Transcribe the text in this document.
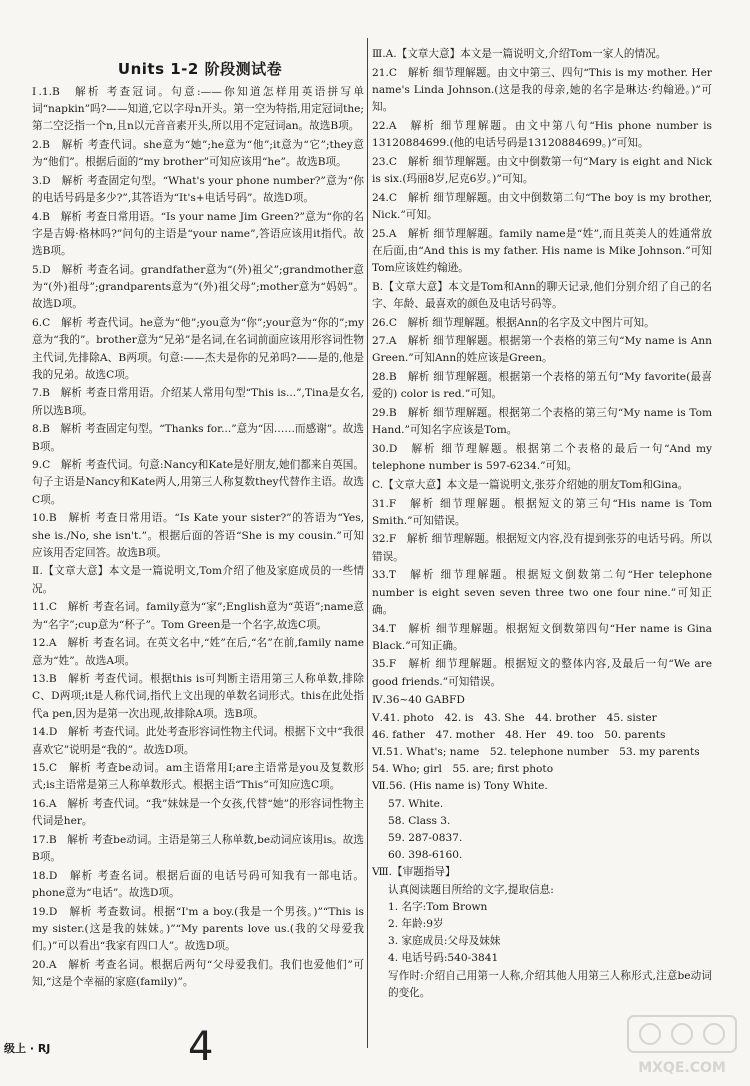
Units 1-2 阶段测试卷

Ⅰ.1.B　解析 考查冠词。句意:——你知道怎样用英语拼写单词“napkin”吗?——知道,它以字母n开头。第一空为特指,用定冠词the;第二空泛指一个n,且n以元音音素开头,所以用不定冠词an。故选B项。

2.B　解析 考查代词。she意为“她”;he意为“他”;it意为“它”;they意为“他们”。根据后面的“my brother”可知应该用“he”。故选B项。

3.D　解析 考查固定句型。“What's your phone number?”意为“你的电话号码是多少?”,其答语为“It's+电话号码”。故选D项。

4.B　解析 考查日常用语。“Is your name Jim Green?”意为“你的名字是吉姆·格林吗?”问句的主语是“your name”,答语应该用it指代。故选B项。

5.D　解析 考查名词。grandfather意为“(外)祖父”;grandmother意为“(外)祖母”;grandparents意为“(外)祖父母”;mother意为“妈妈”。故选D项。

6.C　解析 考查代词。he意为“他”;you意为“你”;your意为“你的”;my意为“我的”。brother意为“兄弟”是名词,在名词前面应该用形容词性物主代词,先排除A、B两项。句意:——杰夫是你的兄弟吗?——是的,他是我的兄弟。故选C项。

7.B　解析 考查日常用语。介绍某人常用句型“This is...”,Tina是女名,所以选B项。

8.B　解析 考查固定句型。“Thanks for...”意为“因……而感谢”。故选B项。

9.C　解析 考查代词。句意:Nancy和Kate是好朋友,她们都来自英国。句子主语是Nancy和Kate两人,用第三人称复数they代替作主语。故选C项。

10.B　解析 考查日常用语。“Is Kate your sister?”的答语为“Yes, she is./No, she isn't.”。根据后面的答语“She is my cousin.”可知应该用否定回答。故选B项。

Ⅱ.【文章大意】本文是一篇说明文,Tom介绍了他及家庭成员的一些情况。

11.C　解析 考查名词。family意为“家”;English意为“英语”;name意为“名字”;cup意为“杯子”。Tom Green是一个名字,故选C项。

12.A　解析 考查名词。在英文名中,“姓”在后,“名”在前,family name意为“姓”。故选A项。

13.B　解析 考查代词。根据this is可判断主语用第三人称单数,排除C、D两项;it是人称代词,指代上文出现的单数名词形式。this在此处指代a pen,因为是第一次出现,故排除A项。选B项。

14.D　解析 考查代词。此处考查形容词性物主代词。根据下文中“我很喜欢它”说明是“我的”。故选D项。

15.C　解析 考查be动词。am主语常用I;are主语常是you及复数形式;is主语常是第三人称单数形式。根据主语“This”可知应选C项。

16.A　解析 考查代词。“我”妹妹是一个女孩,代替“她”的形容词性物主代词是her。

17.B　解析 考查be动词。主语是第三人称单数,be动词应该用is。故选B项。

18.D　解析 考查名词。根据后面的电话号码可知我有一部电话。phone意为“电话”。故选D项。

19.D　解析 考查数词。根据“I'm a boy.(我是一个男孩。)”“This is my sister.(这是我的妹妹。)”“My parents love us.(我的父母爱我们。)”可以看出“我家有四口人”。故选D项。

20.A　解析 考查名词。根据后两句“父母爱我们。我们也爱他们”可知,“这是个幸福的家庭(family)”。

Ⅲ.A.【文章大意】本文是一篇说明文,介绍Tom一家人的情况。

21.C　解析 细节理解题。由文中第三、四句“This is my mother. Her name's Linda Johnson.(这是我的母亲,她的名字是琳达·约翰逊。)”可知。

22.A　解析 细节理解题。由文中第八句“His phone number is 13120884699.(他的电话号码是13120884699。)”可知。

23.C　解析 细节理解题。由文中倒数第一句“Mary is eight and Nick is six.(玛丽8岁,尼克6岁。)”可知。

24.C　解析 细节理解题。由文中倒数第二句“The boy is my brother, Nick.”可知。

25.A　解析 细节理解题。family name是“姓”,而且英美人的姓通常放在后面,由“And this is my father. His name is Mike Johnson.”可知Tom应该姓约翰逊。

B.【文章大意】本文是Tom和Ann的聊天记录,他们分别介绍了自己的名字、年龄、最喜欢的颜色及电话号码等。

26.C　解析 细节理解题。根据Ann的名字及文中图片可知。

27.A　解析 细节理解题。根据第一个表格的第三句“My name is Ann Green.”可知Ann的姓应该是Green。

28.B　解析 细节理解题。根据第一个表格的第五句“My favorite(最喜爱的) color is red.”可知。

29.B　解析 细节理解题。根据第二个表格的第三句“My name is Tom Hand.”可知名字应该是Tom。

30.D　解析 细节理解题。根据第二个表格的最后一句“And my telephone number is 597-6234.”可知。

C.【文章大意】本文是一篇说明文,张芬介绍她的朋友Tom和Gina。

31.F　解析 细节理解题。根据短文的第三句“His name is Tom Smith.”可知错误。

32.F　解析 细节理解题。根据短文内容,没有提到张芬的电话号码。所以错误。

33.T　解析 细节理解题。根据短文倒数第二句“Her telephone number is eight seven seven three two one four nine.”可知正确。

34.T　解析 细节理解题。根据短文倒数第四句“Her name is Gina Black.”可知正确。

35.F　解析 细节理解题。根据短文的整体内容,及最后一句“We are good friends.”可知错误。

Ⅳ.36~40 GABFD

Ⅴ.41. photo　42. is　43. She　44. brother　45. sister

46. father　47. mother　48. Her　49. too　50. parents

Ⅵ.51. What's; name　52. telephone number　53. my parents

54. Who; girl　55. are; first photo

Ⅶ.56. (His name is) Tony White.

57. White.

58. Class 3.

59. 287-0837.

60. 398-6160.

Ⅷ.【审题指导】

认真阅读题目所给的文字,提取信息:

1. 名字:Tom Brown

2. 年龄:9岁

3. 家庭成员:父母及妹妹

4. 电话号码:540-3841

写作时:介绍自己用第一人称,介绍其他人用第三人称形式,注意be动词的变化。

级上 · RJ	4	MXQE.COM
